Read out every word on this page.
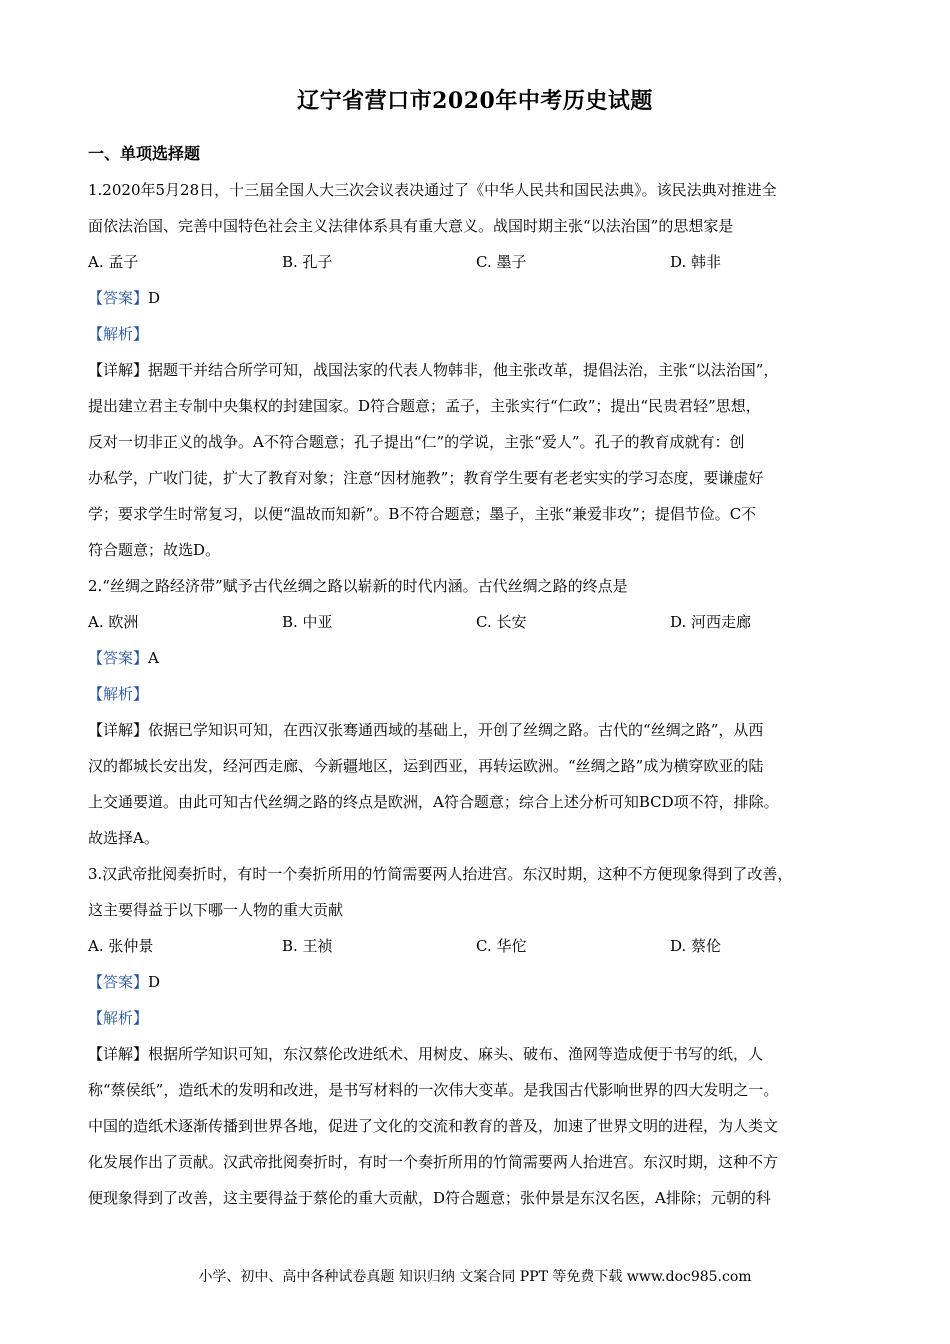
辽宁省营口市2020年中考历史试题
一、单项选择题
1.2020年5月28日，十三届全国人大三次会议表决通过了《中华人民共和国民法典》。该民法典对推进全
面依法治国、完善中国特色社会主义法律体系具有重大意义。战国时期主张“以法治国”的思想家是
A. 孟子	B. 孔子	C. 墨子	D. 韩非
【答案】D
【解析】
【详解】据题干并结合所学可知，战国法家的代表人物韩非，他主张改革，提倡法治，主张“以法治国”，
提出建立君主专制中央集权的封建国家。D符合题意；孟子，主张实行“仁政”；提出“民贵君轻”思想，
反对一切非正义的战争。A不符合题意；孔子提出“仁”的学说，主张“爱人”。孔子的教育成就有：创
办私学，广收门徒，扩大了教育对象；注意“因材施教”；教育学生要有老老实实的学习态度，要谦虚好
学；要求学生时常复习，以便“温故而知新”。B不符合题意；墨子，主张“兼爱非攻”；提倡节俭。C不
符合题意；故选D。
2.“丝绸之路经济带”赋予古代丝绸之路以崭新的时代内涵。古代丝绸之路的终点是
A. 欧洲	B. 中亚	C. 长安	D. 河西走廊
【答案】A
【解析】
【详解】依据已学知识可知，在西汉张骞通西域的基础上，开创了丝绸之路。古代的“丝绸之路”，从西
汉的都城长安出发，经河西走廊、今新疆地区，运到西亚，再转运欧洲。“丝绸之路”成为横穿欧亚的陆
上交通要道。由此可知古代丝绸之路的终点是欧洲，A符合题意；综合上述分析可知BCD项不符，排除。
故选择A。
3.汉武帝批阅奏折时，有时一个奏折所用的竹简需要两人抬进宫。东汉时期，这种不方便现象得到了改善，
这主要得益于以下哪一人物的重大贡献
A. 张仲景	B. 王祯	C. 华佗	D. 蔡伦
【答案】D
【解析】
【详解】根据所学知识可知，东汉蔡伦改进纸术、用树皮、麻头、破布、渔网等造成便于书写的纸，人
称“蔡侯纸”，造纸术的发明和改进，是书写材料的一次伟大变革。是我国古代影响世界的四大发明之一。
中国的造纸术逐渐传播到世界各地，促进了文化的交流和教育的普及，加速了世界文明的进程，为人类文
化发展作出了贡献。汉武帝批阅奏折时，有时一个奏折所用的竹简需要两人抬进宫。东汉时期，这种不方
便现象得到了改善，这主要得益于蔡伦的重大贡献，D符合题意；张仲景是东汉名医，A排除；元朝的科
小学、初中、高中各种试卷真题 知识归纳 文案合同 PPT 等免费下载 www.doc985.com
